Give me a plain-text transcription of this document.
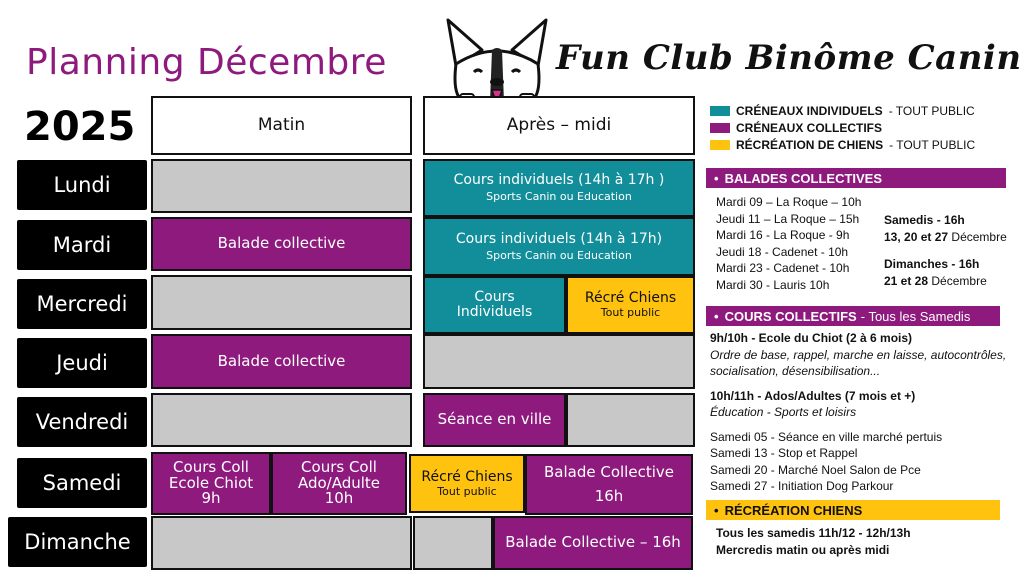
Planning Décembre
2025
Fun Club Binôme Canin
Matin	Après – midi
Lundi
Mardi
Mercredi
Jeudi
Vendredi
Samedi
Dimanche
Cours individuels (14h à 17h )
Sports Canin ou Education
Balade collective	Cours individuels (14h à 17h)
Sports Canin ou Education
Cours
Individuels
Récré Chiens
Tout public
Balade collective
Séance en ville
Cours Coll
Ecole Chiot
9h
Cours Coll
Ado/Adulte
10h
Récré Chiens
Tout public
Balade Collective
16h
Balade Collective – 16h
CRÉNEAUX INDIVIDUELS - TOUT PUBLIC
CRÉNEAUX COLLECTIFS
RÉCRÉATION DE CHIENS - TOUT PUBLIC
• BALADES COLLECTIVES
Mardi 09 – La Roque – 10h
Jeudi 11 – La Roque – 15h
Mardi 16 - La Roque - 9h
Jeudi 18 - Cadenet - 10h
Mardi 23 - Cadenet - 10h
Mardi 30 - Lauris 10h
Samedis - 16h
13, 20 et 27 Décembre
Dimanches - 16h
21 et 28 Décembre
• COURS COLLECTIFS - Tous les Samedis
9h/10h - Ecole du Chiot (2 à 6 mois)
Ordre de base, rappel, marche en laisse, autocontrôles,
socialisation, désensibilisation...
10h/11h - Ados/Adultes (7 mois et +)
Éducation - Sports et loisirs
Samedi 05 - Séance en ville marché pertuis
Samedi 13 - Stop et Rappel
Samedi 20 - Marché Noel Salon de Pce
Samedi 27 - Initiation Dog Parkour
• RÉCRÉATION CHIENS
Tous les samedis 11h/12 - 12h/13h
Mercredis matin ou après midi
